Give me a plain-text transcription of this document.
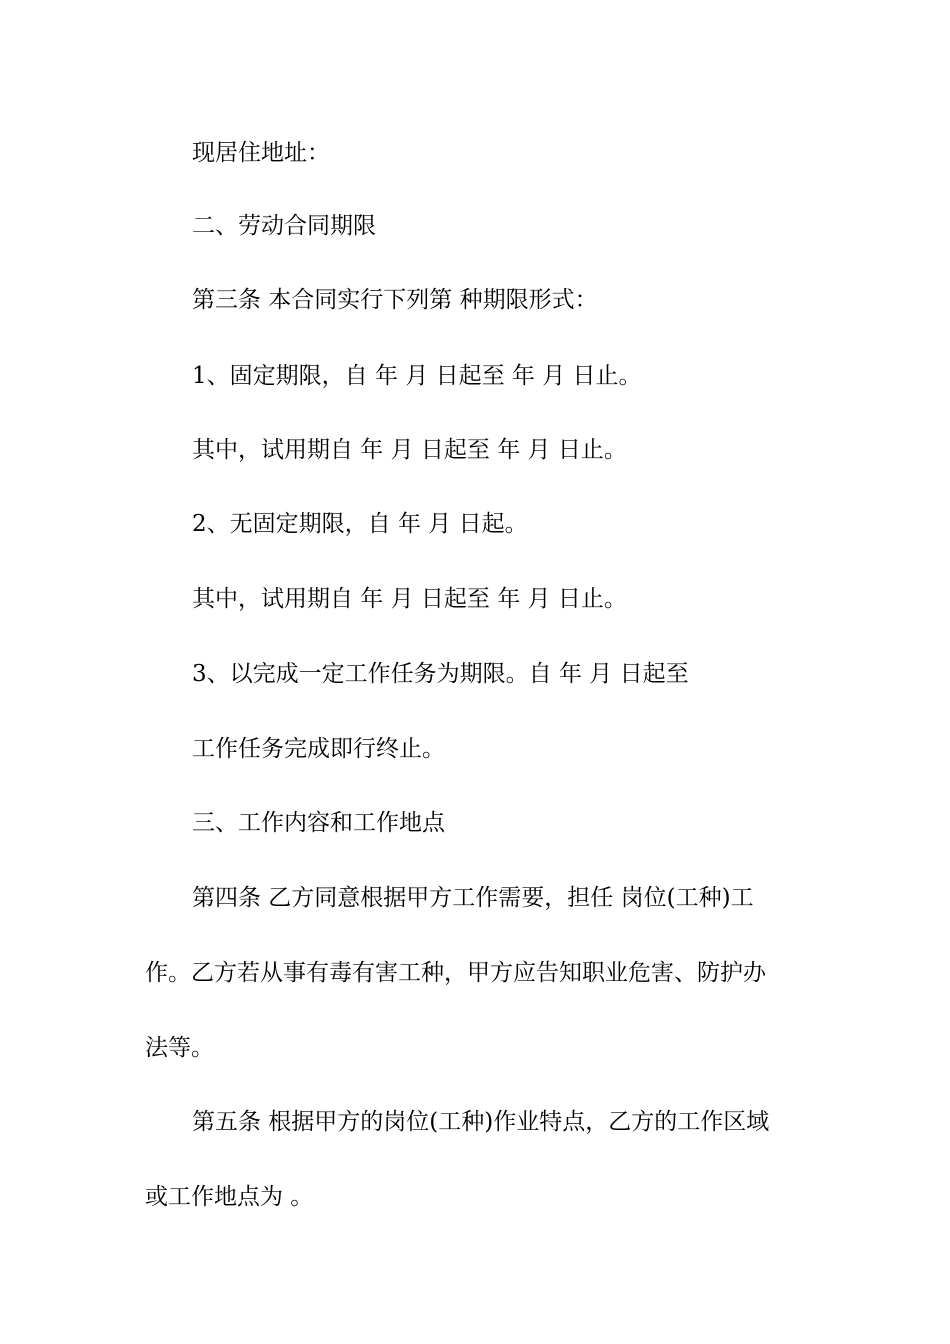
现居住地址：
二、劳动合同期限
第三条 本合同实行下列第 种期限形式：
1、固定期限，自 年 月 日起至 年 月 日止。
其中，试用期自 年 月 日起至 年 月 日止。
2、无固定期限，自 年 月 日起。
其中，试用期自 年 月 日起至 年 月 日止。
3、以完成一定工作任务为期限。自 年 月 日起至
工作任务完成即行终止。
三、工作内容和工作地点
第四条 乙方同意根据甲方工作需要，担任 岗位(工种)工
作。乙方若从事有毒有害工种，甲方应告知职业危害、防护办
法等。
第五条 根据甲方的岗位(工种)作业特点，乙方的工作区域
或工作地点为 。
